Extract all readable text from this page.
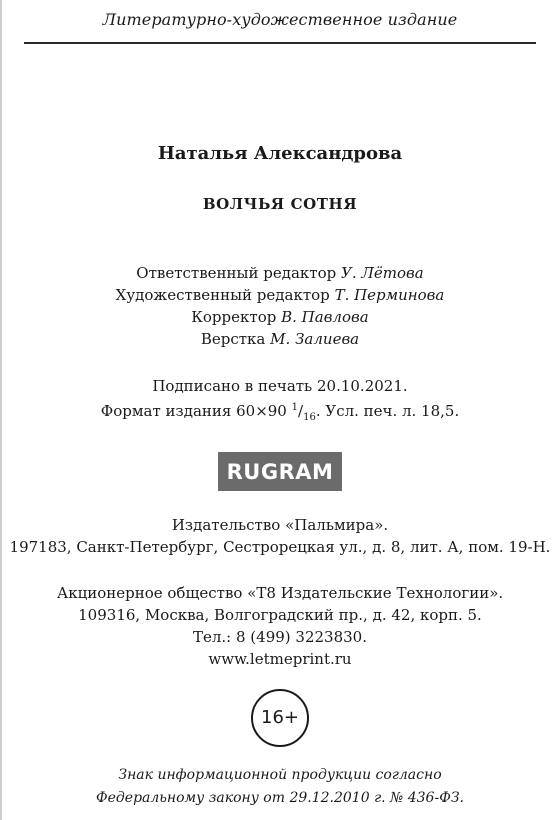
Литературно-художественное издание
Наталья Александрова
ВОЛЧЬЯ СОТНЯ
Ответственный редактор У. Лётова
Художественный редактор Т. Перминова
Корректор В. Павлова
Верстка М. Залиева
Подписано в печать 20.10.2021.
Формат издания 60×90 $^1/_{16}$. Усл. печ. л. 18,5.
RUGRAM
Издательство «Пальмира».
197183, Санкт-Петербург, Сестрорецкая ул., д. 8, лит. А, пом. 19-Н.
Акционерное общество «Т8 Издательские Технологии».
109316, Москва, Волгоградский пр., д. 42, корп. 5.
Тел.: 8 (499) 3223830.
www.letmeprint.ru
16+
Знак информационной продукции согласно
Федеральному закону от 29.12.2010 г. № 436-ФЗ.
